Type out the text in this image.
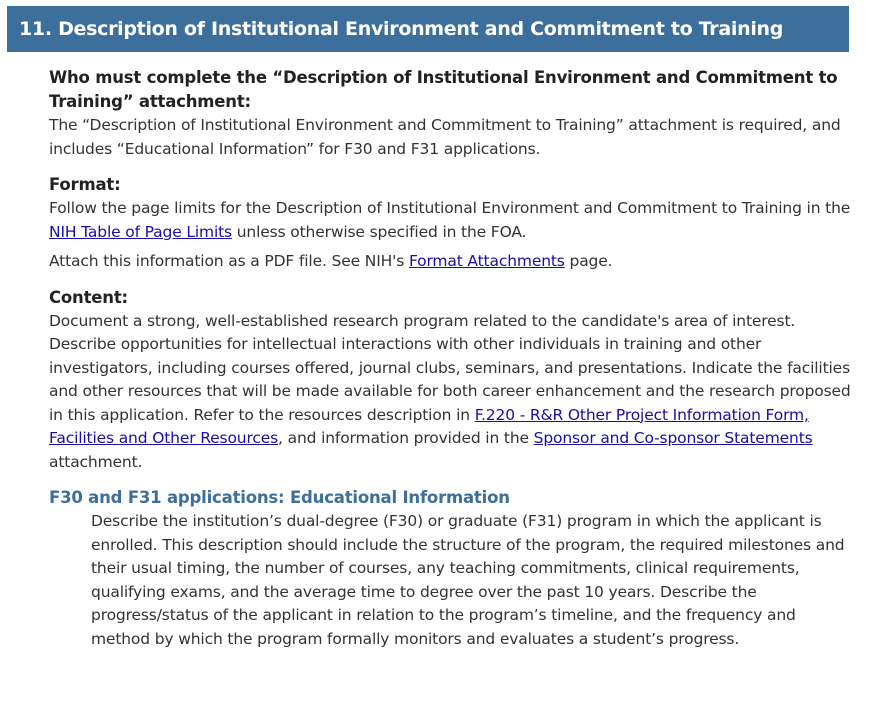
11. Description of Institutional Environment and Commitment to Training

Who must complete the “Description of Institutional Environment and Commitment to Training” attachment:

The “Description of Institutional Environment and Commitment to Training” attachment is required, and includes “Educational Information” for F30 and F31 applications.

Format:

Follow the page limits for the Description of Institutional Environment and Commitment to Training in the NIH Table of Page Limits unless otherwise specified in the FOA.

Attach this information as a PDF file. See NIH's Format Attachments page.

Content:

Document a strong, well-established research program related to the candidate's area of interest. Describe opportunities for intellectual interactions with other individuals in training and other investigators, including courses offered, journal clubs, seminars, and presentations. Indicate the facilities and other resources that will be made available for both career enhancement and the research proposed in this application. Refer to the resources description in F.220 - R&R Other Project Information Form, Facilities and Other Resources, and information provided in the Sponsor and Co-sponsor Statements attachment.

F30 and F31 applications: Educational Information

Describe the institution’s dual-degree (F30) or graduate (F31) program in which the applicant is enrolled. This description should include the structure of the program, the required milestones and their usual timing, the number of courses, any teaching commitments, clinical requirements, qualifying exams, and the average time to degree over the past 10 years. Describe the progress/status of the applicant in relation to the program’s timeline, and the frequency and method by which the program formally monitors and evaluates a student’s progress.
